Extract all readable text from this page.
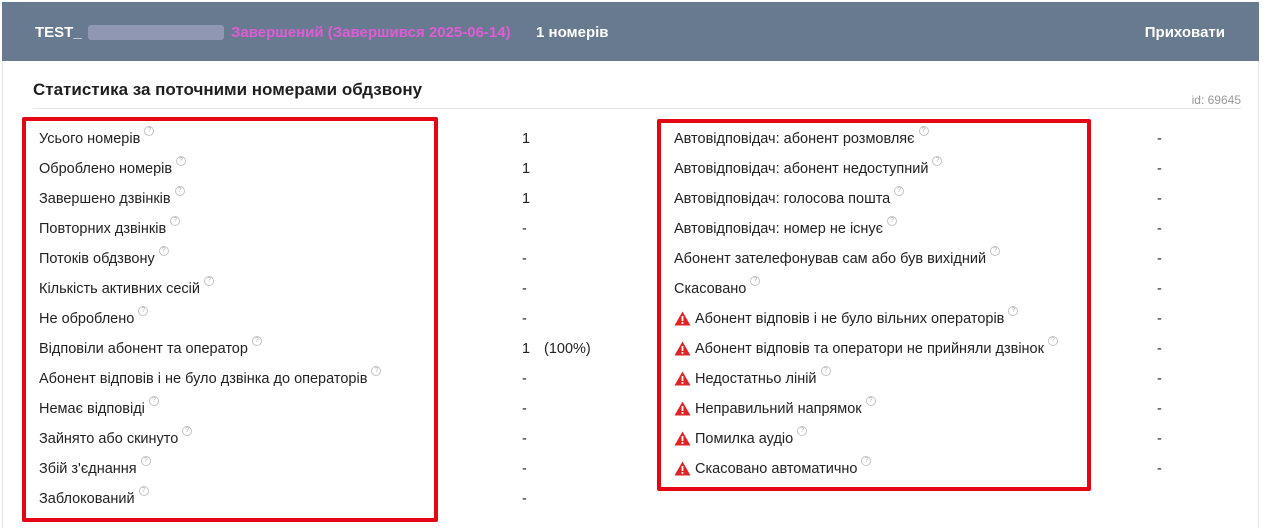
TEST_	Завершений (Завершився 2025-06-14) 1 номерів	Приховати
Статистика за поточними номерами обдзвону
id: 69645
Усього номерів
?
1
Оброблено номерів
?
1
Завершено дзвінків
?
1
Повторних дзвінків
?
-
Потоків обдзвону
?
-
Кількість активних сесій
?
-
Не оброблено
?
-
Відповіли абонент та оператор
?
1 (100%)
Абонент відповів і не було дзвінка до операторів
?
-
Немає відповіді
?
-
Зайнято або скинуто
?
-
Збій з'єднання
?
-
Заблокований
?
-
Автовідповідач: абонент розмовляє
?
-
Автовідповідач: абонент недоступний
?
-
Автовідповідач: голосова пошта
?
-
Автовідповідач: номер не існує
?
-
Абонент зателефонував сам або був вихідний
?
-
Скасовано
?
-
Абонент відповів і не було вільних операторів
?
-
Абонент відповів та оператори не прийняли дзвінок
?
-
Недостатньо ліній
?
-
Неправильний напрямок
?
-
Помилка аудіо
?
-
Скасовано автоматично
?
-
